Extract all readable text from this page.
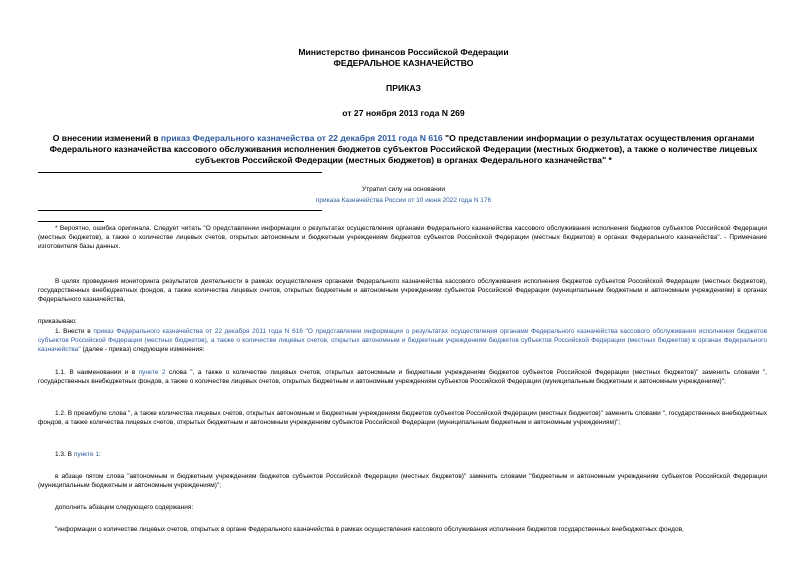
Министерство финансов Российской Федерации
ФЕДЕРАЛЬНОЕ КАЗНАЧЕЙСТВО
ПРИКАЗ
от 27 ноября 2013 года N 269
О внесении изменений в приказ Федерального казначейства от 22 декабря 2011 года N 616 "О представлении информации о результатах осуществления органами Федерального казначейства кассового обслуживания исполнения бюджетов субъектов Российской Федерации (местных бюджетов), а также о количестве лицевых субъектов Российской Федерации (местных бюджетов) в органах Федерального казначейства" *
Утратил силу на основании
приказа Казначейства России от 10 июня 2022 года N 176
* Вероятно, ошибка оригинала. Следует читать "О представлении информации о результатах осуществления органами Федерального казначейства кассового обслуживания исполнения бюджетов субъектов Российской Федерации (местных бюджетов), а также о количестве лицевых счетов, открытых автономным и бюджетным учреждениям бюджетов субъектов Российской Федерации (местных бюджетов) в органах Федерального казначейства". - Примечание изготовителя базы данных.
В целях проведения мониторинга результатов деятельности в рамках осуществления органами Федерального казначейства кассового обслуживания исполнения бюджетов субъектов Российской Федерации (местных бюджетов), государственных внебюджетных фондов, а также количества лицевых счетов, открытых бюджетным и автономным учреждениям субъектов Российской Федерации (муниципальным бюджетным и автономным учреждениям) в органах Федерального казначейства,
приказываю:
1. Внести в приказ Федерального казначейства от 22 декабря 2011 года N 616 "О представлении информации о результатах осуществления органами Федерального казначейства кассового обслуживания исполнения бюджетов субъектов Российской Федерации (местных бюджетов), а также о количестве лицевых счетов, открытых автономным и бюджетным учреждениям бюджетов субъектов Российской Федерации (местных бюджетов) в органах Федерального казначейства" (далее - приказ) следующие изменения:
1.1. В наименовании и в пункте 2 слова ", а также о количестве лицевых счетов, открытых автономным и бюджетным учреждениям бюджетов субъектов Российской Федерации (местных бюджетов)" заменить словами ", государственных внебюджетных фондов, а также о количестве лицевых счетов, открытых бюджетным и автономным учреждениям субъектов Российской Федерации (муниципальным бюджетным и автономным учреждениям)";
1.2. В преамбуле слова ", а также количества лицевых счетов, открытых автономным и бюджетным учреждениям бюджетов субъектов Российской Федерации (местных бюджетов)" заменить словами ", государственных внебюджетных фондов, а также количества лицевых счетов, открытых бюджетным и автономным учреждениям субъектов Российской Федерации (муниципальным бюджетным и автономным учреждениям)";
1.3. В пункте 1:
в абзаце пятом слова "автономным и бюджетным учреждениям бюджетов субъектов Российской Федерации (местных бюджетов)" заменить словами "бюджетным и автономным учреждениям субъектов Российской Федерации (муниципальным бюджетным и автономным учреждениям)";
дополнить абзацем следующего содержания:
"информации о количестве лицевых счетов, открытых в органе Федерального казначейства в рамках осуществления кассового обслуживания исполнения бюджетов государственных внебюджетных фондов,
